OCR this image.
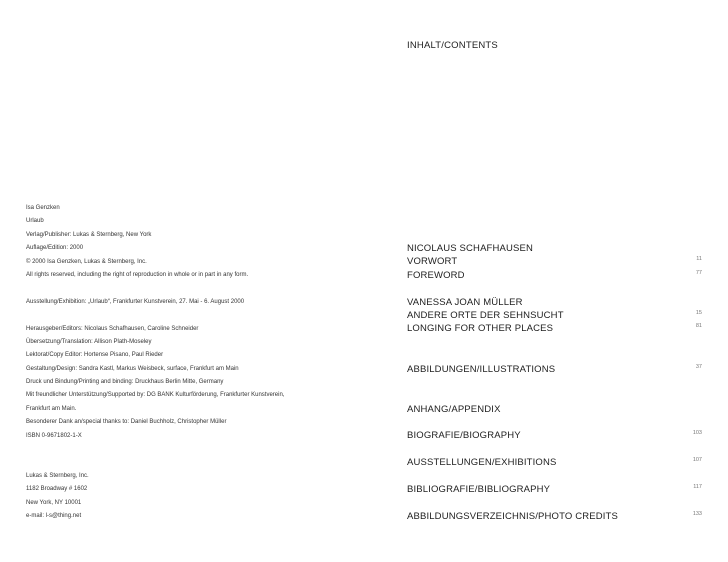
Isa Genzken
Urlaub
Verlag/Publisher: Lukas & Sternberg, New York
Auflage/Edition: 2000
© 2000 Isa Genzken, Lukas & Sternberg, Inc.
All rights reserved, including the right of reproduction in whole or in part in any form.
Ausstellung/Exhibition: „Urlaub“, Frankfurter Kunstverein, 27. Mai - 6. August 2000
Herausgeber/Editors: Nicolaus Schafhausen, Caroline Schneider
Übersetzung/Translation: Allison Plath-Moseley
Lektorat/Copy Editor: Hortense Pisano, Paul Rieder
Gestaltung/Design: Sandra Kastl, Markus Weisbeck, surface, Frankfurt am Main
Druck und Bindung/Printing and binding: Druckhaus Berlin Mitte, Germany
Mit freundlicher Unterstützung/Supported by: DG BANK Kulturförderung, Frankfurter Kunstverein,
Frankfurt am Main.
Besonderer Dank an/special thanks to: Daniel Buchholz, Christopher Müller
ISBN 0-9671802-1-X
Lukas & Sternberg, Inc.
1182 Broadway # 1602
New York, NY 10001
e-mail: l-s@thing.net
INHALT/CONTENTS
NICOLAUS SCHAFHAUSEN
VORWORT	11
FOREWORD	77
VANESSA JOAN MÜLLER
ANDERE ORTE DER SEHNSUCHT	15
LONGING FOR OTHER PLACES	81
ABBILDUNGEN/ILLUSTRATIONS	37
ANHANG/APPENDIX
BIOGRAFIE/BIOGRAPHY	103
AUSSTELLUNGEN/EXHIBITIONS	107
BIBLIOGRAFIE/BIBLIOGRAPHY	117
ABBILDUNGSVERZEICHNIS/PHOTO CREDITS	133
